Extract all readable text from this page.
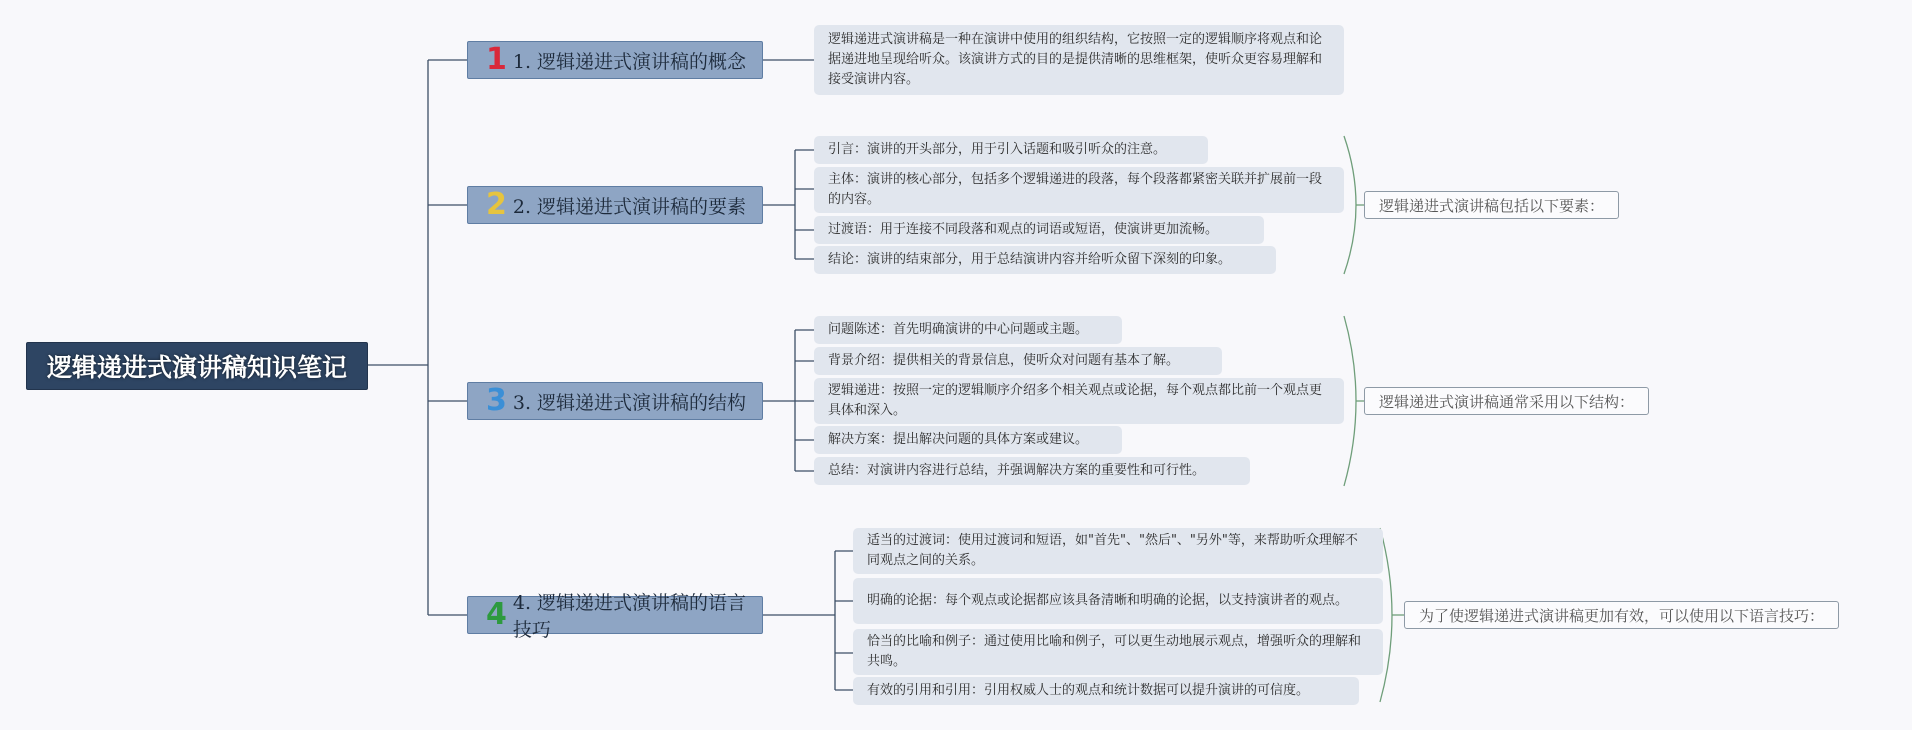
逻辑递进式演讲稿知识笔记
1 1. 逻辑递进式演讲稿的概念
逻辑递进式演讲稿是一种在演讲中使用的组织结构，它按照一定的逻辑顺序将观点和论据递进地呈现给听众。该演讲方式的目的是提供清晰的思维框架，使听众更容易理解和接受演讲内容。
2 2. 逻辑递进式演讲稿的要素
引言：演讲的开头部分，用于引入话题和吸引听众的注意。
主体：演讲的核心部分，包括多个逻辑递进的段落，每个段落都紧密关联并扩展前一段的内容。
过渡语：用于连接不同段落和观点的词语或短语，使演讲更加流畅。
结论：演讲的结束部分，用于总结演讲内容并给听众留下深刻的印象。
逻辑递进式演讲稿包括以下要素：
3 3. 逻辑递进式演讲稿的结构
问题陈述：首先明确演讲的中心问题或主题。
背景介绍：提供相关的背景信息，使听众对问题有基本了解。
逻辑递进：按照一定的逻辑顺序介绍多个相关观点或论据，每个观点都比前一个观点更具体和深入。
解决方案：提出解决问题的具体方案或建议。
总结：对演讲内容进行总结，并强调解决方案的重要性和可行性。
逻辑递进式演讲稿通常采用以下结构：
4 4. 逻辑递进式演讲稿的语言技巧
适当的过渡词：使用过渡词和短语，如"首先"、"然后"、"另外"等，来帮助听众理解不同观点之间的关系。
明确的论据：每个观点或论据都应该具备清晰和明确的论据，以支持演讲者的观点。
恰当的比喻和例子：通过使用比喻和例子，可以更生动地展示观点，增强听众的理解和共鸣。
有效的引用和引用：引用权威人士的观点和统计数据可以提升演讲的可信度。
为了使逻辑递进式演讲稿更加有效，可以使用以下语言技巧：
